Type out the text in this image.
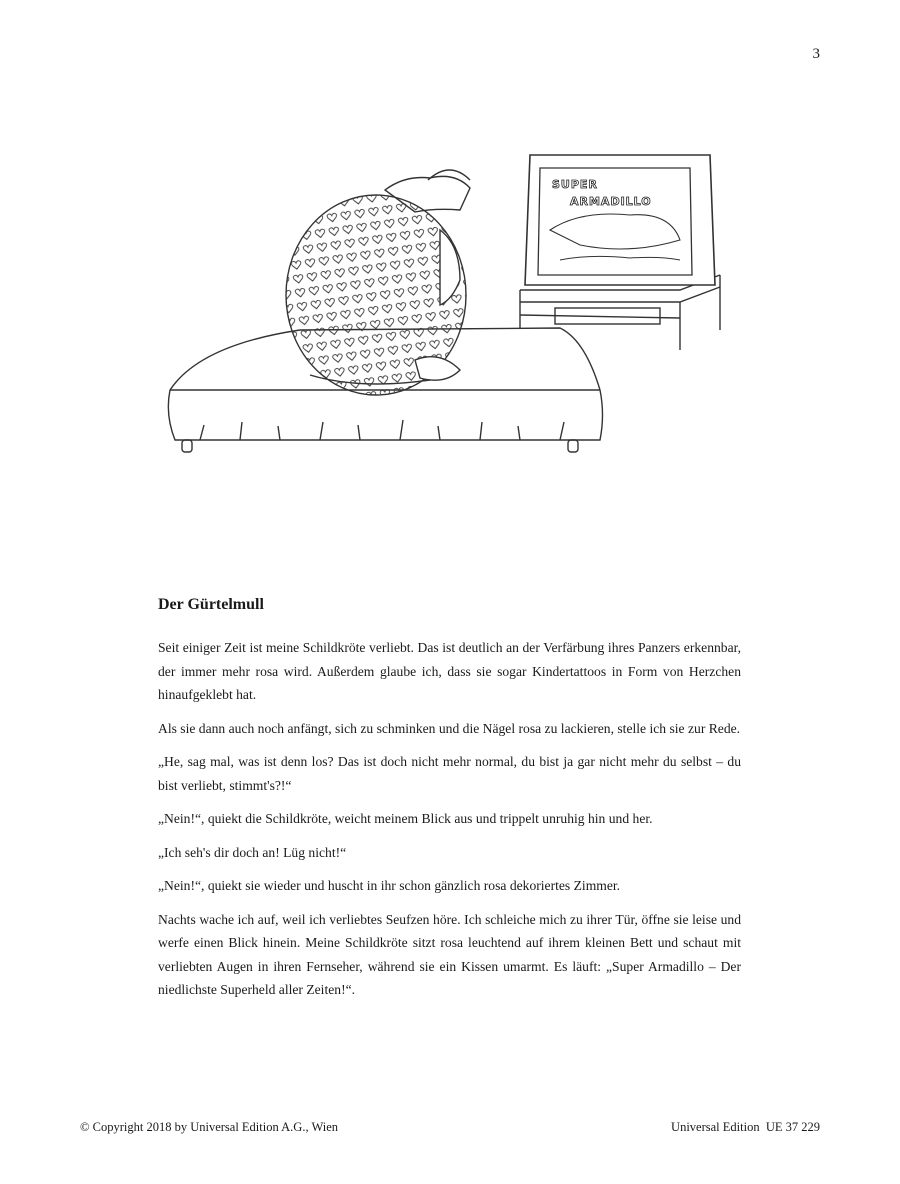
3
SUPER
ARMADILLO
Der Gürtelmull

Seit einiger Zeit ist meine Schildkröte verliebt. Das ist deutlich an der Verfärbung ihres Panzers erkennbar, der immer mehr rosa wird. Außerdem glaube ich, dass sie sogar Kindertattoos in Form von Herzchen hinaufgeklebt hat.

Als sie dann auch noch anfängt, sich zu schminken und die Nägel rosa zu lackieren, stelle ich sie zur Rede.

„He, sag mal, was ist denn los? Das ist doch nicht mehr normal, du bist ja gar nicht mehr du selbst – du bist verliebt, stimmt's?!“

„Nein!“, quiekt die Schildkröte, weicht meinem Blick aus und trippelt unruhig hin und her.

„Ich seh's dir doch an! Lüg nicht!“

„Nein!“, quiekt sie wieder und huscht in ihr schon gänzlich rosa dekoriertes Zimmer.

Nachts wache ich auf, weil ich verliebtes Seufzen höre. Ich schleiche mich zu ihrer Tür, öffne sie leise und werfe einen Blick hinein. Meine Schildkröte sitzt rosa leuchtend auf ihrem kleinen Bett und schaut mit verliebten Augen in ihren Fernseher, während sie ein Kissen umarmt. Es läuft: „Super Armadillo – Der niedlichste Superheld aller Zeiten!“.

© Copyright 2018 by Universal Edition A.G., Wien	Universal Edition  UE 37 229
